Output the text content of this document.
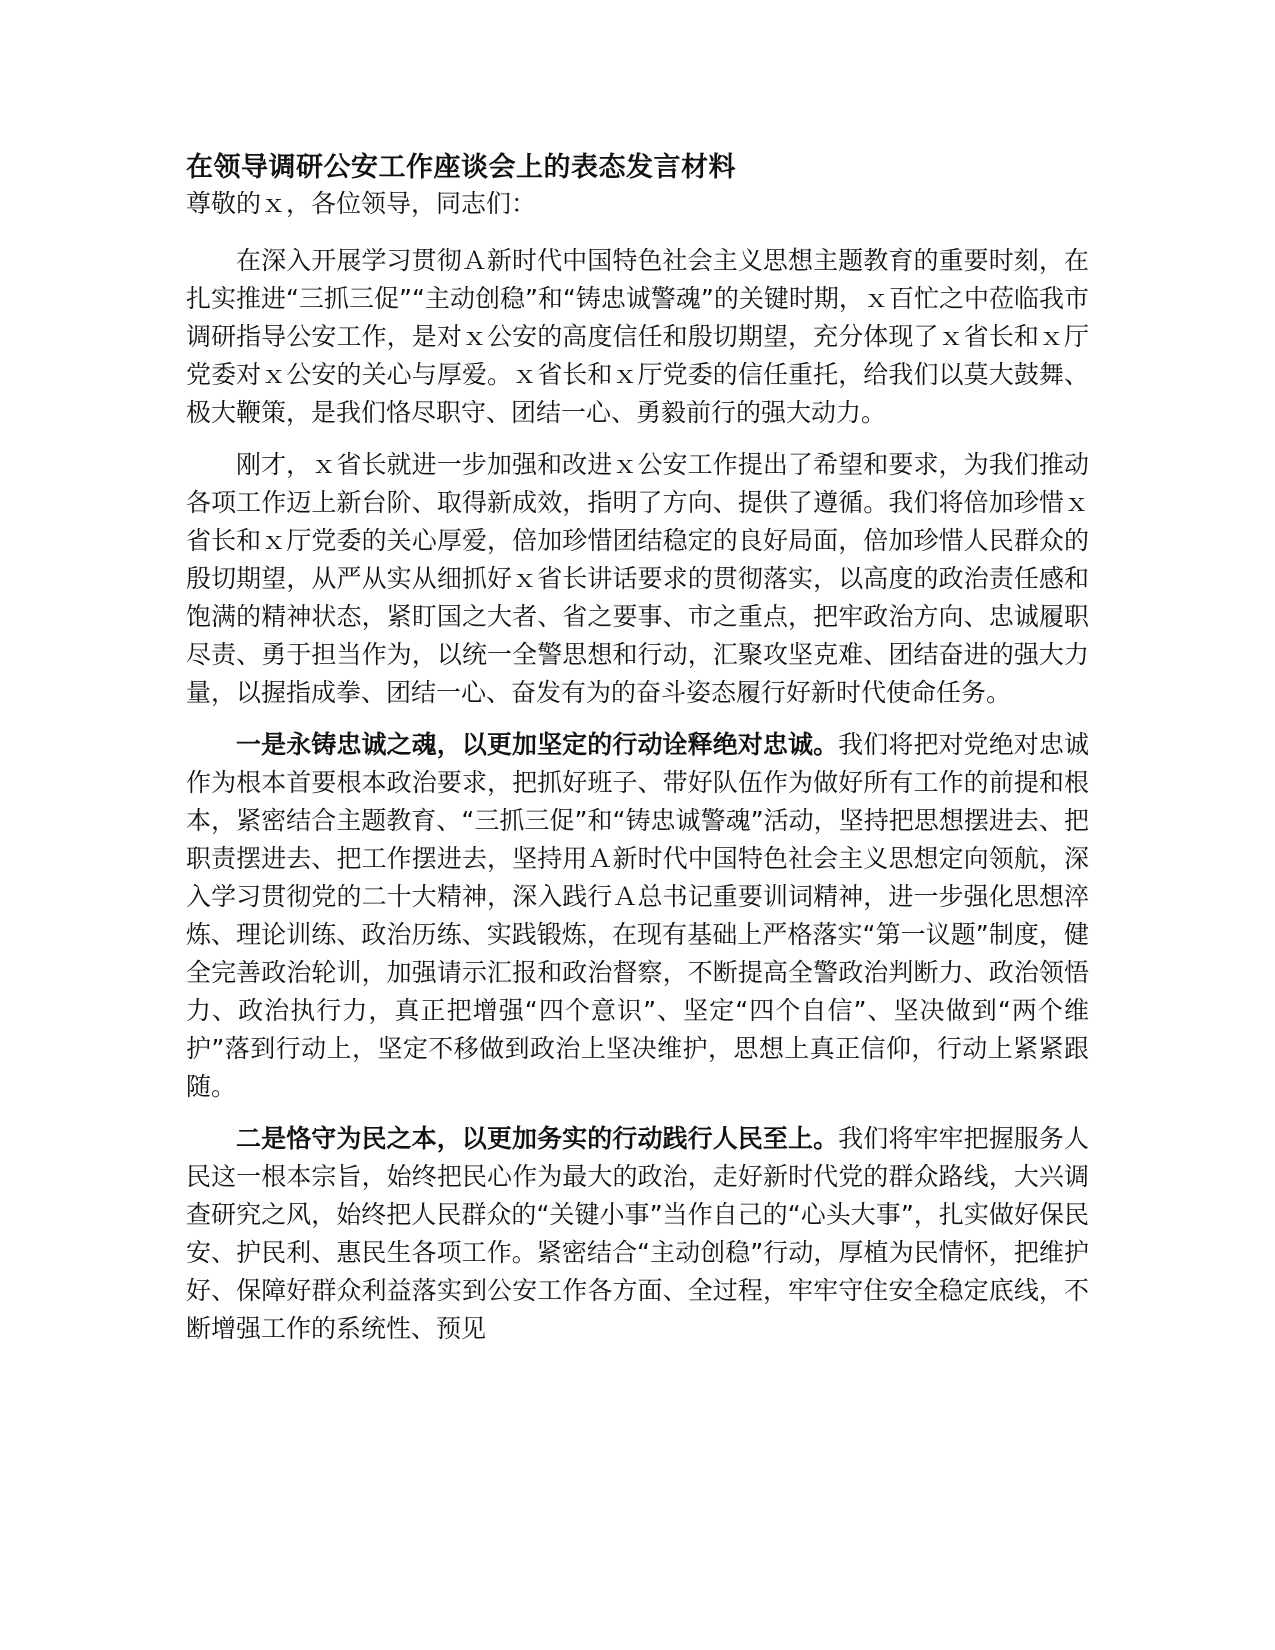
在领导调研公安工作座谈会上的表态发言材料

尊敬的ｘ，各位领导，同志们：

在深入开展学习贯彻Ａ新时代中国特色社会主义思想主题教育的重要时刻，在扎实推进“三抓三促”“主动创稳”和“铸忠诚警魂”的关键时期，ｘ百忙之中莅临我市调研指导公安工作，是对ｘ公安的高度信任和殷切期望，充分体现了ｘ省长和ｘ厅党委对ｘ公安的关心与厚爱。ｘ省长和ｘ厅党委的信任重托，给我们以莫大鼓舞、极大鞭策，是我们恪尽职守、团结一心、勇毅前行的强大动力。

刚才，ｘ省长就进一步加强和改进ｘ公安工作提出了希望和要求，为我们推动各项工作迈上新台阶、取得新成效，指明了方向、提供了遵循。我们将倍加珍惜ｘ省长和ｘ厅党委的关心厚爱，倍加珍惜团结稳定的良好局面，倍加珍惜人民群众的殷切期望，从严从实从细抓好ｘ省长讲话要求的贯彻落实，以高度的政治责任感和饱满的精神状态，紧盯国之大者、省之要事、市之重点，把牢政治方向、忠诚履职尽责、勇于担当作为，以统一全警思想和行动，汇聚攻坚克难、团结奋进的强大力量，以握指成拳、团结一心、奋发有为的奋斗姿态履行好新时代使命任务。

一是永铸忠诚之魂，以更加坚定的行动诠释绝对忠诚。我们将把对党绝对忠诚作为根本首要根本政治要求，把抓好班子、带好队伍作为做好所有工作的前提和根本，紧密结合主题教育、“三抓三促”和“铸忠诚警魂”活动，坚持把思想摆进去、把职责摆进去、把工作摆进去，坚持用Ａ新时代中国特色社会主义思想定向领航，深入学习贯彻党的二十大精神，深入践行Ａ总书记重要训词精神，进一步强化思想淬炼、理论训练、政治历练、实践锻炼，在现有基础上严格落实“第一议题”制度，健全完善政治轮训，加强请示汇报和政治督察，不断提高全警政治判断力、政治领悟力、政治执行力，真正把增强“四个意识”、坚定“四个自信”、坚决做到“两个维护”落到行动上，坚定不移做到政治上坚决维护，思想上真正信仰，行动上紧紧跟随。

二是恪守为民之本，以更加务实的行动践行人民至上。我们将牢牢把握服务人民这一根本宗旨，始终把民心作为最大的政治，走好新时代党的群众路线，大兴调查研究之风，始终把人民群众的“关键小事”当作自己的“心头大事”，扎实做好保民安、护民利、惠民生各项工作。紧密结合“主动创稳”行动，厚植为民情怀，把维护好、保障好群众利益落实到公安工作各方面、全过程，牢牢守住安全稳定底线，不断增强工作的系统性、预见
